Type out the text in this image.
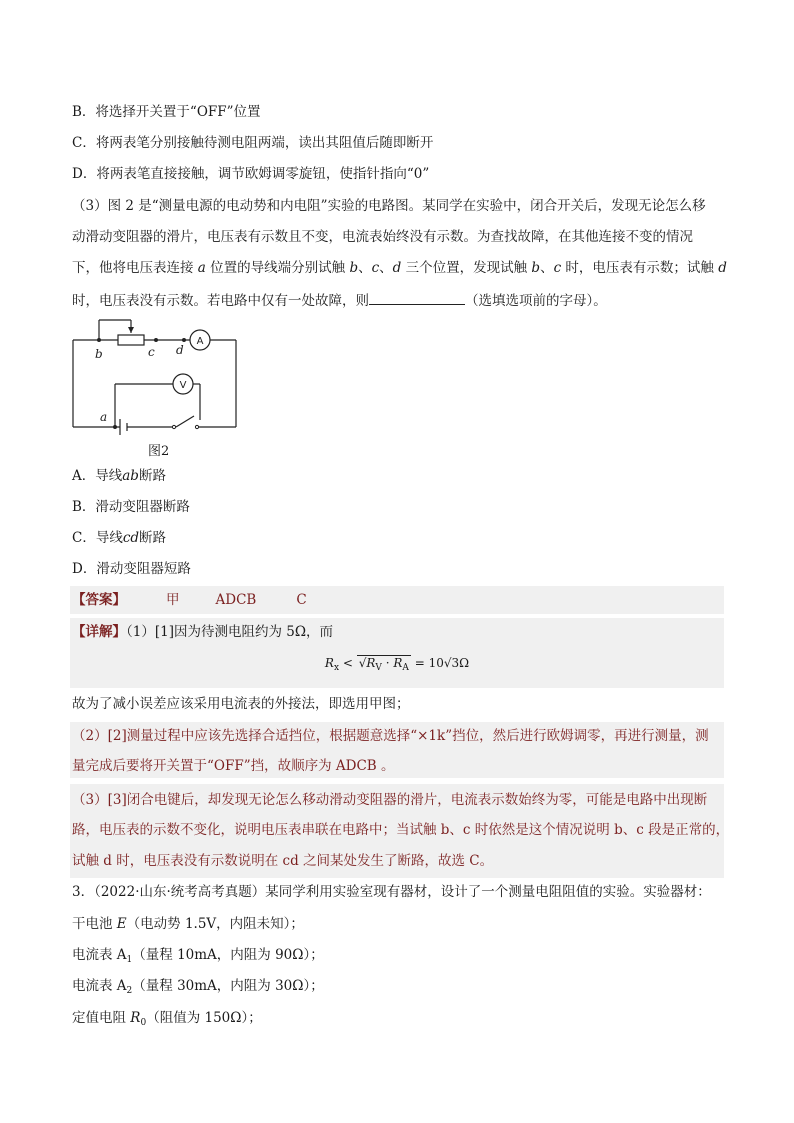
B．将选择开关置于“OFF”位置
C．将两表笔分别接触待测电阻两端，读出其阻值后随即断开
D．将两表笔直接接触，调节欧姆调零旋钮，使指针指向“0”
（3）图 2 是“测量电源的电动势和内电阻”实验的电路图。某同学在实验中，闭合开关后，发现无论怎么移
动滑动变阻器的滑片，电压表有示数且不变，电流表始终没有示数。为查找故障，在其他连接不变的情况
下，他将电压表连接 a 位置的导线端分别试触 b、c、d 三个位置，发现试触 b、c 时，电压表有示数；试触 d
时，电压表没有示数。若电路中仅有一处故障，则	（选填选项前的字母）。
b	c d
a
A
V
图2
A．导线ab断路
B．滑动变阻器断路
C．导线cd断路
D．滑动变阻器短路
【答案】	甲	ADCB	C
【详解】（1）[1]因为待测电阻约为 5Ω，而
$R_x < √R_V \cdot R_A = 10√3\Omega$
故为了减小误差应该采用电流表的外接法，即选用甲图；
（2）[2]测量过程中应该先选择合适挡位，根据题意选择“×1k”挡位，然后进行欧姆调零，再进行测量，测
量完成后要将开关置于“OFF”挡，故顺序为 ADCB 。
（3）[3]闭合电键后，却发现无论怎么移动滑动变阻器的滑片，电流表示数始终为零，可能是电路中出现断
路，电压表的示数不变化，说明电压表串联在电路中；当试触 b、c 时依然是这个情况说明 b、c 段是正常的，
试触 d 时，电压表没有示数说明在 cd 之间某处发生了断路，故选 C。
3．（2022·山东·统考高考真题）某同学利用实验室现有器材，设计了一个测量电阻阻值的实验。实验器材：
干电池 E（电动势 1.5V，内阻未知）；
电流表 $A_1$（量程 10mA，内阻为 90Ω）；
电流表 $A_2$（量程 30mA，内阻为 30Ω）；
定值电阻 $R_0$（阻值为 150Ω）；
